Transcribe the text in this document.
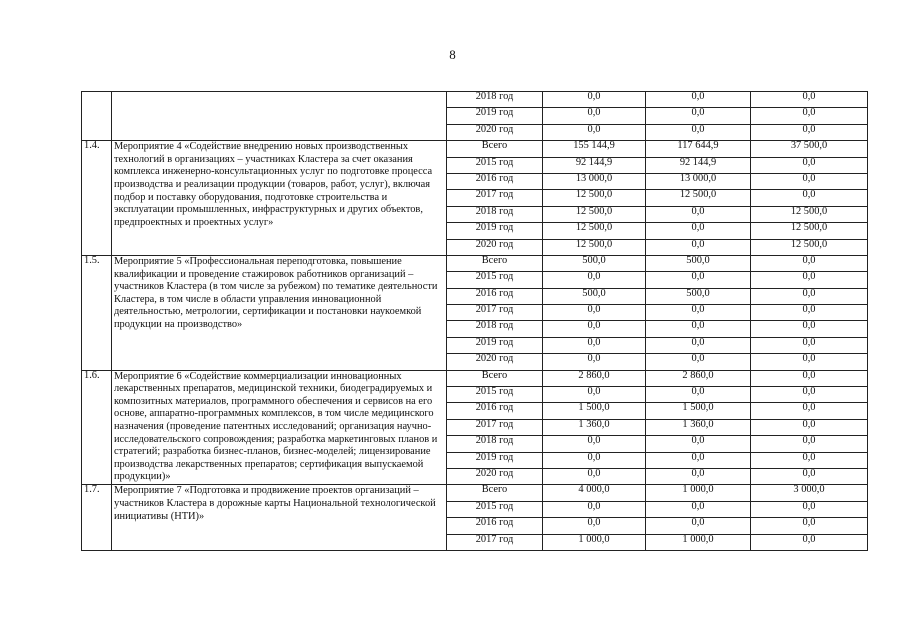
8
		2018 год	0,0	0,0	0,0
		2019 год	0,0	0,0	0,0
		2020 год	0,0	0,0	0,0
1.4.	Мероприятие 4 «Содействие внедрению новых производственных технологий в организациях – участниках Кластера за счет оказания комплекса инженерно-консультационных услуг по подготовке процесса производства и реализации продукции (товаров, работ, услуг), включая подбор и поставку оборудования, подготовке строительства и эксплуатации промышленных, инфраструктурных и других объектов, предпроектных и проектных услуг»	Всего	155 144,9	117 644,9	37 500,0
		2015 год	92 144,9	92 144,9	0,0
		2016 год	13 000,0	13 000,0	0,0
		2017 год	12 500,0	12 500,0	0,0
		2018 год	12 500,0	0,0	12 500,0
		2019 год	12 500,0	0,0	12 500,0
		2020 год	12 500,0	0,0	12 500,0
1.5.	Мероприятие 5 «Профессиональная переподготовка, повышение квалификации и проведение стажировок работников организаций – участников Кластера (в том числе за рубежом) по тематике деятельности Кластера, в том числе в области управления инновационной деятельностью, метрологии, сертификации и постановки наукоемкой продукции на производство»	Всего	500,0	500,0	0,0
		2015 год	0,0	0,0	0,0
		2016 год	500,0	500,0	0,0
		2017 год	0,0	0,0	0,0
		2018 год	0,0	0,0	0,0
		2019 год	0,0	0,0	0,0
		2020 год	0,0	0,0	0,0
1.6.	Мероприятие 6 «Содействие коммерциализации инновационных лекарственных препаратов, медицинской техники, биодеградируемых и композитных материалов, программного обеспечения и сервисов на его основе, аппаратно-программных комплексов, в том числе медицинского назначения (проведение патентных исследований; организация научно-исследовательского сопровождения; разработка маркетинговых планов и стратегий; разработка бизнес-планов, бизнес-моделей; лицензирование производства лекарственных препаратов; сертификация выпускаемой продукции)»	Всего	2 860,0	2 860,0	0,0
		2015 год	0,0	0,0	0,0
		2016 год	1 500,0	1 500,0	0,0
		2017 год	1 360,0	1 360,0	0,0
		2018 год	0,0	0,0	0,0
		2019 год	0,0	0,0	0,0
		2020 год	0,0	0,0	0,0
1.7.	Мероприятие 7 «Подготовка и продвижение проектов организаций – участников Кластера в дорожные карты Национальной технологической инициативы (НТИ)»	Всего	4 000,0	1 000,0	3 000,0
		2015 год	0,0	0,0	0,0
		2016 год	0,0	0,0	0,0
		2017 год	1 000,0	1 000,0	0,0
